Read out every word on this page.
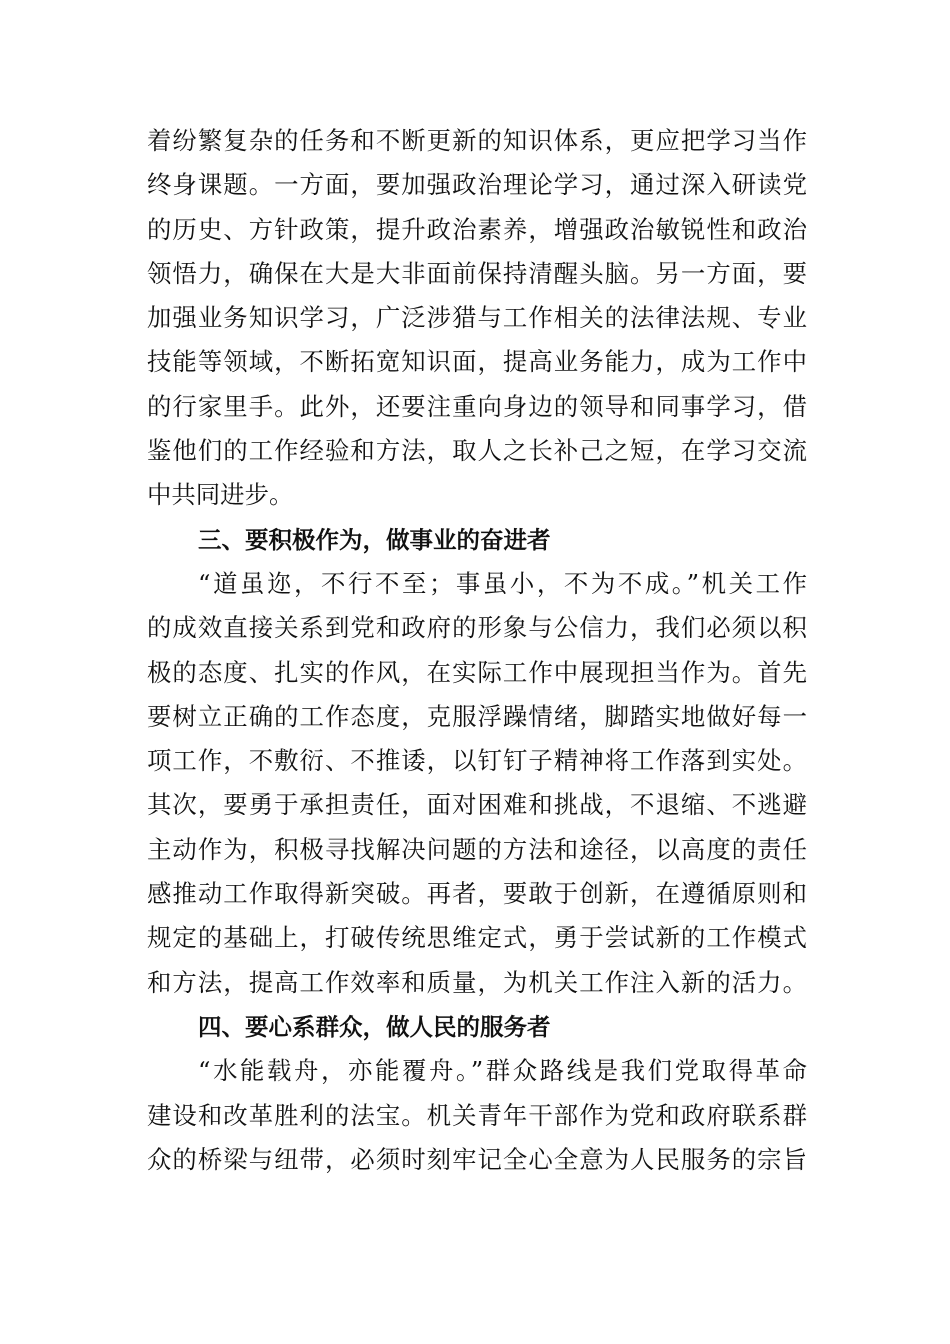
着纷繁复杂的任务和不断更新的知识体系，更应把学习当作
终身课题。一方面，要加强政治理论学习，通过深入研读党
的历史、方针政策，提升政治素养，增强政治敏锐性和政治
领悟力，确保在大是大非面前保持清醒头脑。另一方面，要
加强业务知识学习，广泛涉猎与工作相关的法律法规、专业
技能等领域，不断拓宽知识面，提高业务能力，成为工作中
的行家里手。此外，还要注重向身边的领导和同事学习，借
鉴他们的工作经验和方法，取人之长补己之短，在学习交流
中共同进步。
三、要积极作为，做事业的奋进者
“道虽迩，不行不至；事虽小，不为不成。”机关工作
的成效直接关系到党和政府的形象与公信力，我们必须以积
极的态度、扎实的作风，在实际工作中展现担当作为。首先
要树立正确的工作态度，克服浮躁情绪，脚踏实地做好每一
项工作，不敷衍、不推诿，以钉钉子精神将工作落到实处。
其次，要勇于承担责任，面对困难和挑战，不退缩、不逃避
主动作为，积极寻找解决问题的方法和途径，以高度的责任
感推动工作取得新突破。再者，要敢于创新，在遵循原则和
规定的基础上，打破传统思维定式，勇于尝试新的工作模式
和方法，提高工作效率和质量，为机关工作注入新的活力。
四、要心系群众，做人民的服务者
“水能载舟，亦能覆舟。”群众路线是我们党取得革命
建设和改革胜利的法宝。机关青年干部作为党和政府联系群
众的桥梁与纽带，必须时刻牢记全心全意为人民服务的宗旨
